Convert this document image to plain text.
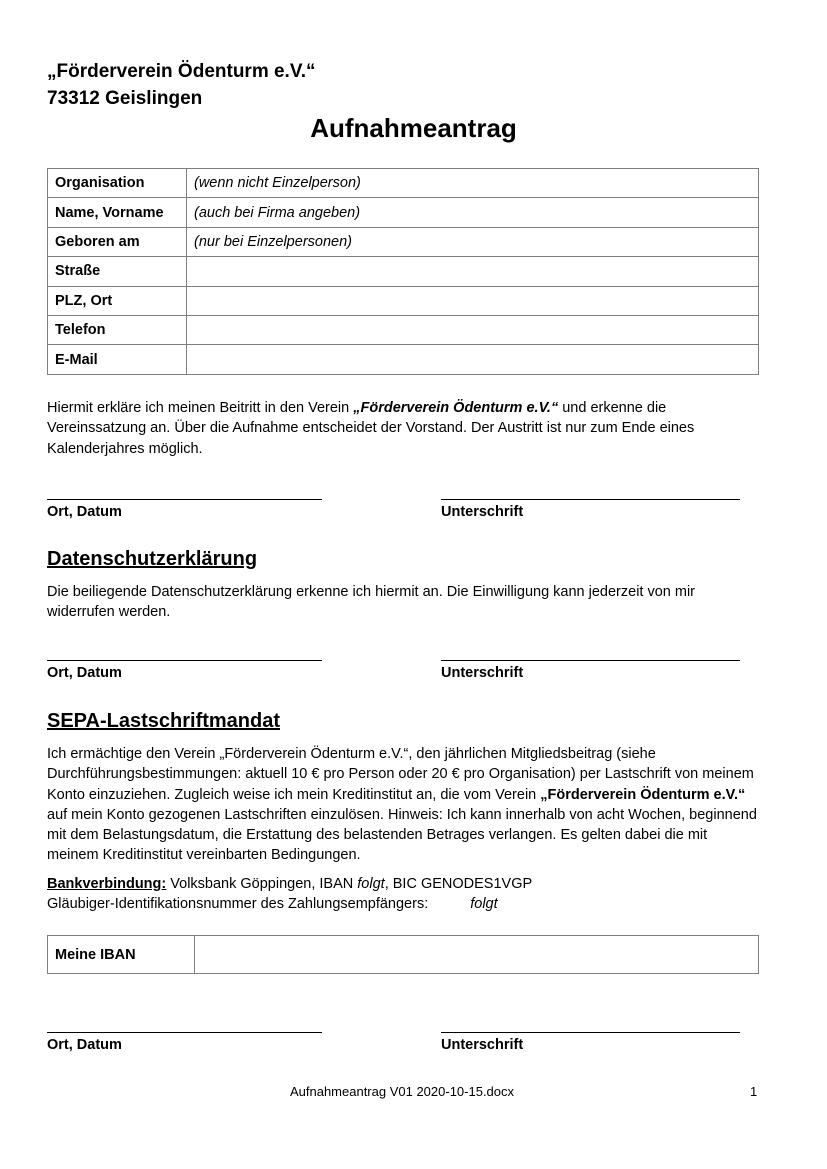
„Förderverein Ödenturm e.V.“
73312 Geislingen
Aufnahmeantrag
Organisation	(wenn nicht Einzelperson)
Name, Vorname	(auch bei Firma angeben)
Geboren am	(nur bei Einzelpersonen)
Straße	
PLZ, Ort	
Telefon	
E-Mail	
Hiermit erkläre ich meinen Beitritt in den Verein „Förderverein Ödenturm e.V.“ und erkenne die Vereinssatzung an. Über die Aufnahme entscheidet der Vorstand. Der Austritt ist nur zum Ende eines Kalenderjahres möglich.
Ort, Datum	Unterschrift
Datenschutzerklärung
Die beiliegende Datenschutzerklärung erkenne ich hiermit an. Die Einwilligung kann jederzeit von mir widerrufen werden.
Ort, Datum	Unterschrift
SEPA-Lastschriftmandat
Ich ermächtige den Verein „Förderverein Ödenturm e.V.“, den jährlichen Mitgliedsbeitrag (siehe Durchführungsbestimmungen: aktuell 10 € pro Person oder 20 € pro Organisation) per Lastschrift von meinem Konto einzuziehen. Zugleich weise ich mein Kreditinstitut an, die vom Verein „Förderverein Ödenturm e.V.“ auf mein Konto gezogenen Lastschriften einzulösen. Hinweis: Ich kann innerhalb von acht Wochen, beginnend mit dem Belastungsdatum, die Erstattung des belastenden Betrages verlangen. Es gelten dabei die mit meinem Kreditinstitut vereinbarten Bedingungen.
Bankverbindung: Volksbank Göppingen, IBAN folgt, BIC GENODES1VGP
Gläubiger-Identifikationsnummer des Zahlungsempfängers:	folgt
Meine IBAN	
Ort, Datum	Unterschrift
Aufnahmeantrag V01 2020-10-15.docx	1
